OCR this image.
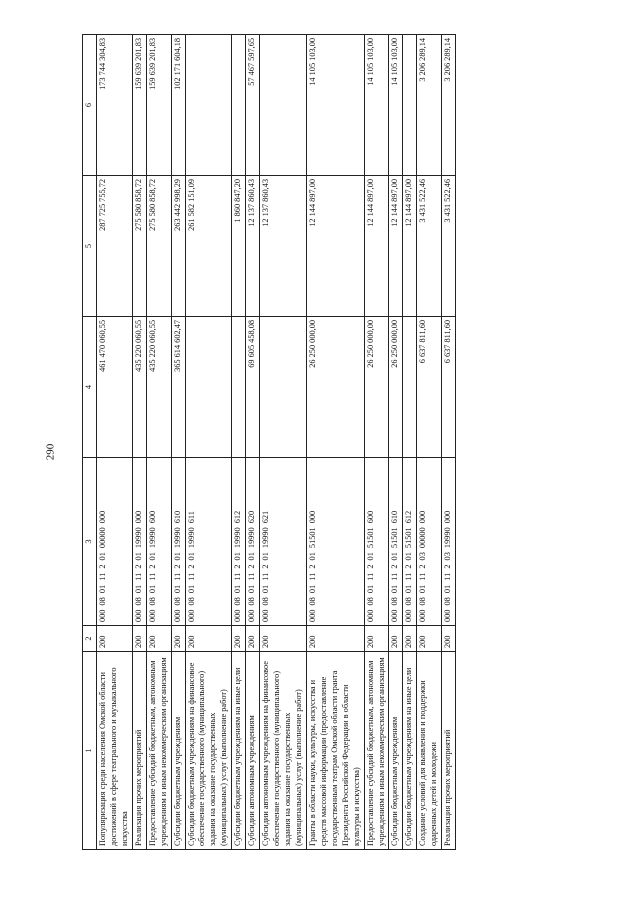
290
1	2	3	4	5	6
Популяризация среди населения Омской области достижений в сфере театрального и музыкального искусства	200	000 08 01 11 2 01 00000 000	461 470 060,55	287 725 755,72	173 744 304,83
Реализация прочих мероприятий	200	000 08 01 11 2 01 19990 000	435 220 060,55	275 580 858,72	159 639 201,83
Предоставление субсидий бюджетным, автономным учреждениям и иным некоммерческим организациям	200	000 08 01 11 2 01 19990 600	435 220 060,55	275 580 858,72	159 639 201,83
Субсидии бюджетным учреждениям	200	000 08 01 11 2 01 19990 610	365 614 602,47	263 442 998,29	102 171 604,18
Субсидии бюджетным учреждениям на финансовое обеспечение государственного (муниципального) задания на оказание государственных (муниципальных) услуг (выполнение работ)	200	000 08 01 11 2 01 19990 611		261 582 151,09	
Субсидии бюджетным учреждениям на иные цели	200	000 08 01 11 2 01 19990 612		1 860 847,20	
Субсидии автономным учреждениям	200	000 08 01 11 2 01 19990 620	69 605 458,08	12 137 860,43	57 467 597,65
Субсидии автономным учреждениям на финансовое обеспечение государственного (муниципального) задания на оказание государственных (муниципальных) услуг (выполнение работ)	200	000 08 01 11 2 01 19990 621		12 137 860,43	
Гранты в области науки, культуры, искусства и средств массовой информации (предоставление государственным театрам Омской области гранта Президента Российской Федерации в области культуры и искусства)	200	000 08 01 11 2 01 51501 000	26 250 000,00	12 144 897,00	14 105 103,00
Предоставление субсидий бюджетным, автономным учреждениям и иным некоммерческим организациям	200	000 08 01 11 2 01 51501 600	26 250 000,00	12 144 897,00	14 105 103,00
Субсидии бюджетным учреждениям	200	000 08 01 11 2 01 51501 610	26 250 000,00	12 144 897,00	14 105 103,00
Субсидии бюджетным учреждениям на иные цели	200	000 08 01 11 2 01 51501 612		12 144 897,00	
Создание условий для выявления и поддержки одаренных детей и молодежи	200	000 08 01 11 2 03 00000 000	6 637 811,60	3 431 522,46	3 206 289,14
Реализация прочих мероприятий	200	000 08 01 11 2 03 19990 000	6 637 811,60	3 431 522,46	3 206 289,14
